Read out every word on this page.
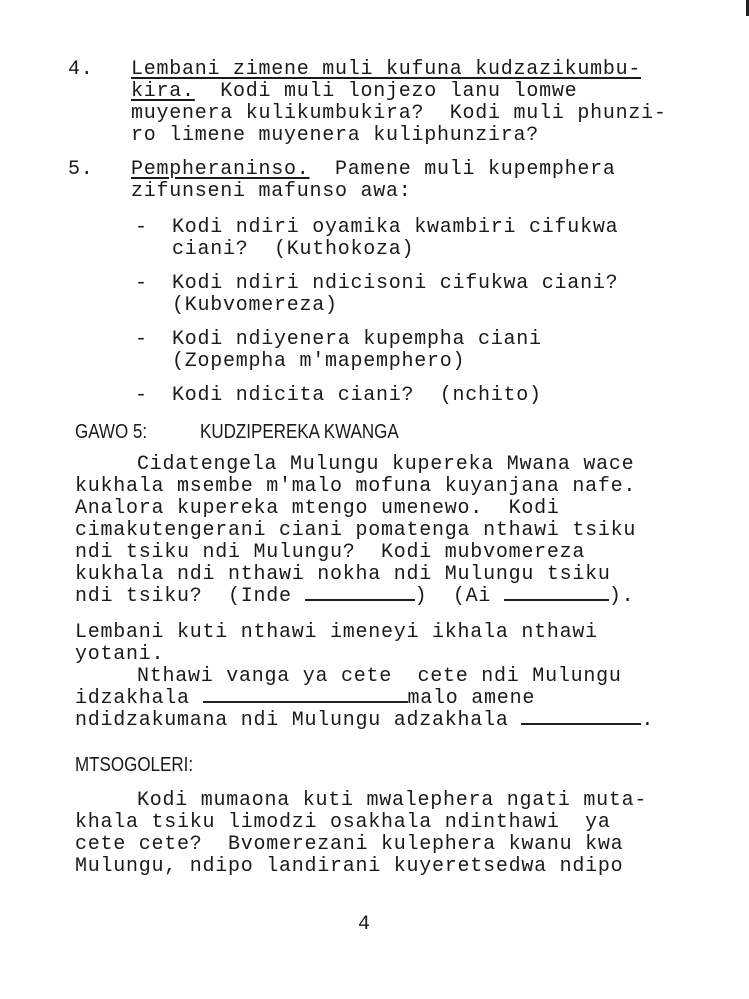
4. Lembani zimene muli kufuna kudzazikumbu-
kira.  Kodi muli lonjezo lanu lomwe
muyenera kulikumbukira?  Kodi muli phunzi-
ro limene muyenera kuliphunzira?
5. Pempheraninso.  Pamene muli kupemphera
zifunseni mafunso awa:
- Kodi ndiri oyamika kwambiri cifukwa
ciani?  (Kuthokoza)
- Kodi ndiri ndicisoni cifukwa ciani?
(Kubvomereza)
- Kodi ndiyenera kupempha ciani
(Zopempha m'mapemphero)
- Kodi ndicita ciani?  (nchito)
GAWO 5:	KUDZIPEREKA KWANGA
Cidatengela Mulungu kupereka Mwana wace
kukhala msembe m'malo mofuna kuyanjana nafe.
Analora kupereka mtengo umenewo.  Kodi
cimakutengerani ciani pomatenga nthawi tsiku
ndi tsiku ndi Mulungu?  Kodi mubvomereza
kukhala ndi nthawi nokha ndi Mulungu tsiku
ndi tsiku?  (Inde	)  (Ai	).
Lembani kuti nthawi imeneyi ikhala nthawi
yotani.
Nthawi vanga ya cete  cete ndi Mulungu
idzakhala	malo amene
ndidzakumana ndi Mulungu adzakhala	.
MTSOGOLERI:
Kodi mumaona kuti mwalephera ngati muta-
khala tsiku limodzi osakhala ndinthawi  ya
cete cete?  Bvomerezani kulephera kwanu kwa
Mulungu, ndipo landirani kuyeretsedwa ndipo
4
